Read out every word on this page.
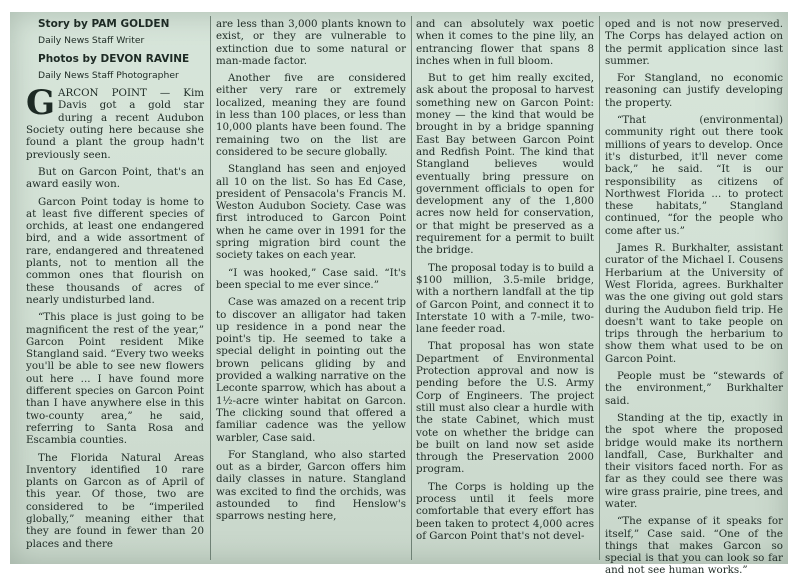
Story by PAM GOLDEN

Daily News Staff Writer

Photos by DEVON RAVINE

Daily News Staff Photographer

GARCON POINT — Kim Davis got a gold star during a recent Audubon Society outing here because she found a plant the group hadn't previously seen.

But on Garcon Point, that's an award easily won.

Garcon Point today is home to at least five different species of orchids, at least one endangered bird, and a wide assortment of rare, endangered and threatened plants, not to mention all the common ones that flourish on these thousands of acres of nearly undisturbed land.

“This place is just going to be magnificent the rest of the year,” Garcon Point resident Mike Stangland said. “Every two weeks you'll be able to see new flowers out here ... I have found more different species on Garcon Point than I have anywhere else in this two-county area,” he said, referring to Santa Rosa and Escambia counties.

The Florida Natural Areas Inventory identified 10 rare plants on Garcon as of April of this year. Of those, two are considered to be “imperiled globally,” meaning either that they are found in fewer than 20 places and there

are less than 3,000 plants known to exist, or they are vulnerable to extinction due to some natural or man-made factor.

Another five are considered either very rare or extremely localized, meaning they are found in less than 100 places, or less than 10,000 plants have been found. The remaining two on the list are considered to be secure globally.

Stangland has seen and enjoyed all 10 on the list. So has Ed Case, president of Pensacola's Francis M. Weston Audubon Society. Case was first introduced to Garcon Point when he came over in 1991 for the spring migration bird count the society takes on each year.

“I was hooked,” Case said. “It's been special to me ever since.”

Case was amazed on a recent trip to discover an alligator had taken up residence in a pond near the point's tip. He seemed to take a special delight in pointing out the brown pelicans gliding by and provided a walking narrative on the Leconte sparrow, which has about a 1½-acre winter habitat on Garcon. The clicking sound that offered a familiar cadence was the yellow warbler, Case said.

For Stangland, who also started out as a birder, Garcon offers him daily classes in nature. Stangland was excited to find the orchids, was astounded to find Henslow's sparrows nesting here,

and can absolutely wax poetic when it comes to the pine lily, an entrancing flower that spans 8 inches when in full bloom.

But to get him really excited, ask about the proposal to harvest something new on Garcon Point: money — the kind that would be brought in by a bridge spanning East Bay between Garcon Point and Redfish Point. The kind that Stangland believes would eventually bring pressure on government officials to open for development any of the 1,800 acres now held for conservation, or that might be preserved as a requirement for a permit to built the bridge.

The proposal today is to build a $100 million, 3.5-mile bridge, with a northern landfall at the tip of Garcon Point, and connect it to Interstate 10 with a 7-mile, two-lane feeder road.

That proposal has won state Department of Environmental Protection approval and now is pending before the U.S. Army Corp of Engineers. The project still must also clear a hurdle with the state Cabinet, which must vote on whether the bridge can be built on land now set aside through the Preservation 2000 program.

The Corps is holding up the process until it feels more comfortable that every effort has been taken to protect 4,000 acres of Garcon Point that's not devel-

oped and is not now preserved. The Corps has delayed action on the permit application since last summer.

For Stangland, no economic reasoning can justify developing the property.

“That (environmental) community right out there took millions of years to develop. Once it's disturbed, it'll never come back,” he said. “It is our responsibility as citizens of Northwest Florida ... to protect these habitats,” Stangland continued, “for the people who come after us.”

James R. Burkhalter, assistant curator of the Michael I. Cousens Herbarium at the University of West Florida, agrees. Burkhalter was the one giving out gold stars during the Audubon field trip. He doesn't want to take people on trips through the herbarium to show them what used to be on Garcon Point.

People must be “stewards of the environment,” Burkhalter said.

Standing at the tip, exactly in the spot where the proposed bridge would make its northern landfall, Case, Burkhalter and their visitors faced north. For as far as they could see there was wire grass prairie, pine trees, and water.

“The expanse of it speaks for itself,” Case said. “One of the things that makes Garcon so special is that you can look so far and not see human works.”
